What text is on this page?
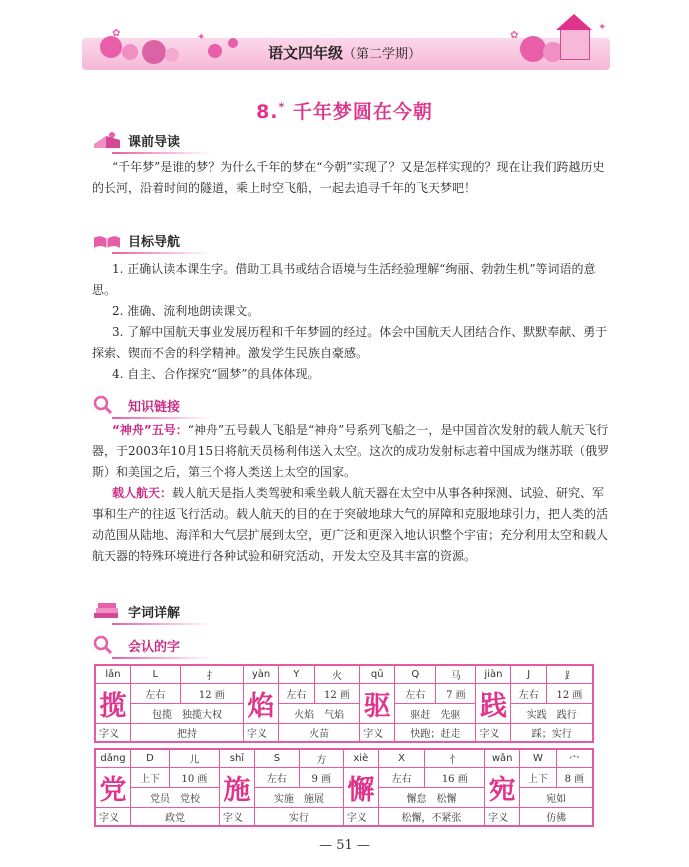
✿	✦
✦
✿
语文四年级（第二学期）
8.* 千年梦圆在今朝
课前导读
“千年梦”是谁的梦？为什么千年的梦在“今朝”实现了？又是怎样实现的？现在让我们跨越历史的长河，沿着时间的隧道，乘上时空飞船，一起去追寻千年的飞天梦吧！
目标导航
1. 正确认读本课生字。借助工具书或结合语境与生活经验理解“绚丽、勃勃生机”等词语的意思。
2. 准确、流利地朗读课文。
3. 了解中国航天事业发展历程和千年梦圆的经过。体会中国航天人团结合作、默默奉献、勇于探索、锲而不舍的科学精神。激发学生民族自豪感。
4. 自主、合作探究“圆梦”的具体体现。
知识链接
“神舟”五号：“神舟”五号载人飞船是“神舟”号系列飞船之一，是中国首次发射的载人航天飞行器，于2003年10月15日将航天员杨利伟送入太空。这次的成功发射标志着中国成为继苏联（俄罗斯）和美国之后，第三个将人类送上太空的国家。
载人航天：载人航天是指人类驾驶和乘坐载人航天器在太空中从事各种探测、试验、研究、军事和生产的往返飞行活动。载人航天的目的在于突破地球大气的屏障和克服地球引力，把人类的活动范围从陆地、海洋和大气层扩展到太空，更广泛和更深入地认识整个宇宙；充分利用太空和载人航天器的特殊环境进行各种试验和研究活动，开发太空及其丰富的资源。
字词详解
会认的字
lǎn	L	扌	yàn	Y	火	qū	Q	马	jiàn	J	⻊
揽	左右	12 画	焰	左右	12 画	驱	左右	7 画	践	左右	12 画
	包揽　独揽大权			火焰　气焰			驱赶　先驱			实践　践行	
字义	把持		字义	火苗		字义	快跑；赶走		字义	踩；实行	
dǎng	D	儿	shī	S	方	xiè	X	忄	wǎn	W	宀
党	上下	10 画	施	左右	9 画	懈	左右	16 画	宛	上下	8 画
	党员　党校			实施　施展			懈怠　松懈			宛如	
字义	政党		字义	实行		字义	松懈，不紧张		字义	仿佛	
— 51 —
